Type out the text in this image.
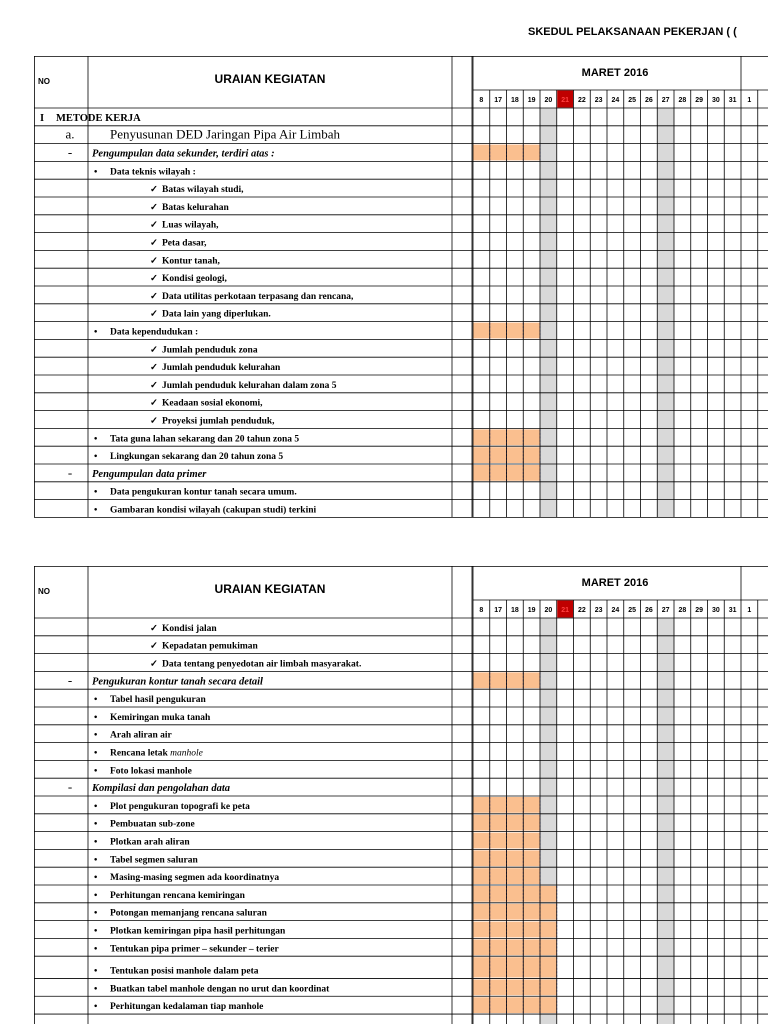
SKEDUL PELAKSANAAN PEKERJAN ( (
NO	URAIAN KEGIATAN	MARET 2016
8 17 18 19 20 21 22 23 24 25 26 27 28 29 30 31 1
I METODE KERJA
a.	Penyusunan DED Jaringan Pipa Air Limbah
- Pengumpulan data sekunder, terdiri atas :
• Data teknis wilayah :
✓ Batas wilayah studi,
✓ Batas kelurahan
✓ Luas wilayah,
✓ Peta dasar,
✓ Kontur tanah,
✓ Kondisi geologi,
✓ Data utilitas perkotaan terpasang dan rencana,
✓ Data lain yang diperlukan.
• Data kependudukan :
✓ Jumlah penduduk zona
✓ Jumlah penduduk kelurahan
✓ Jumlah penduduk kelurahan dalam zona 5
✓ Keadaan sosial ekonomi,
✓ Proyeksi jumlah penduduk,
• Tata guna lahan sekarang dan 20 tahun zona 5
• Lingkungan sekarang dan 20 tahun zona 5
- Pengumpulan data primer
• Data pengukuran kontur tanah secara umum.
• Gambaran kondisi wilayah (cakupan studi) terkini
NO	URAIAN KEGIATAN	MARET 2016
8 17 18 19 20 21 22 23 24 25 26 27 28 29 30 31 1
✓ Kondisi jalan
✓ Kepadatan pemukiman
✓ Data tentang penyedotan air limbah masyarakat.
- Pengukuran kontur tanah secara detail
• Tabel hasil pengukuran
• Kemiringan muka tanah
• Arah aliran air
• Rencana letak manhole
• Foto lokasi manhole
- Kompilasi dan pengolahan data
• Plot pengukuran topografi ke peta
• Pembuatan sub-zone
• Plotkan arah aliran
• Tabel segmen saluran
• Masing-masing segmen ada koordinatnya
• Perhitungan rencana kemiringan
• Potongan memanjang rencana saluran
• Plotkan kemiringan pipa hasil perhitungan
• Tentukan pipa primer – sekunder – terier
• Tentukan posisi manhole dalam peta
• Buatkan tabel manhole dengan no urut dan koordinat
• Perhitungan kedalaman tiap manhole
